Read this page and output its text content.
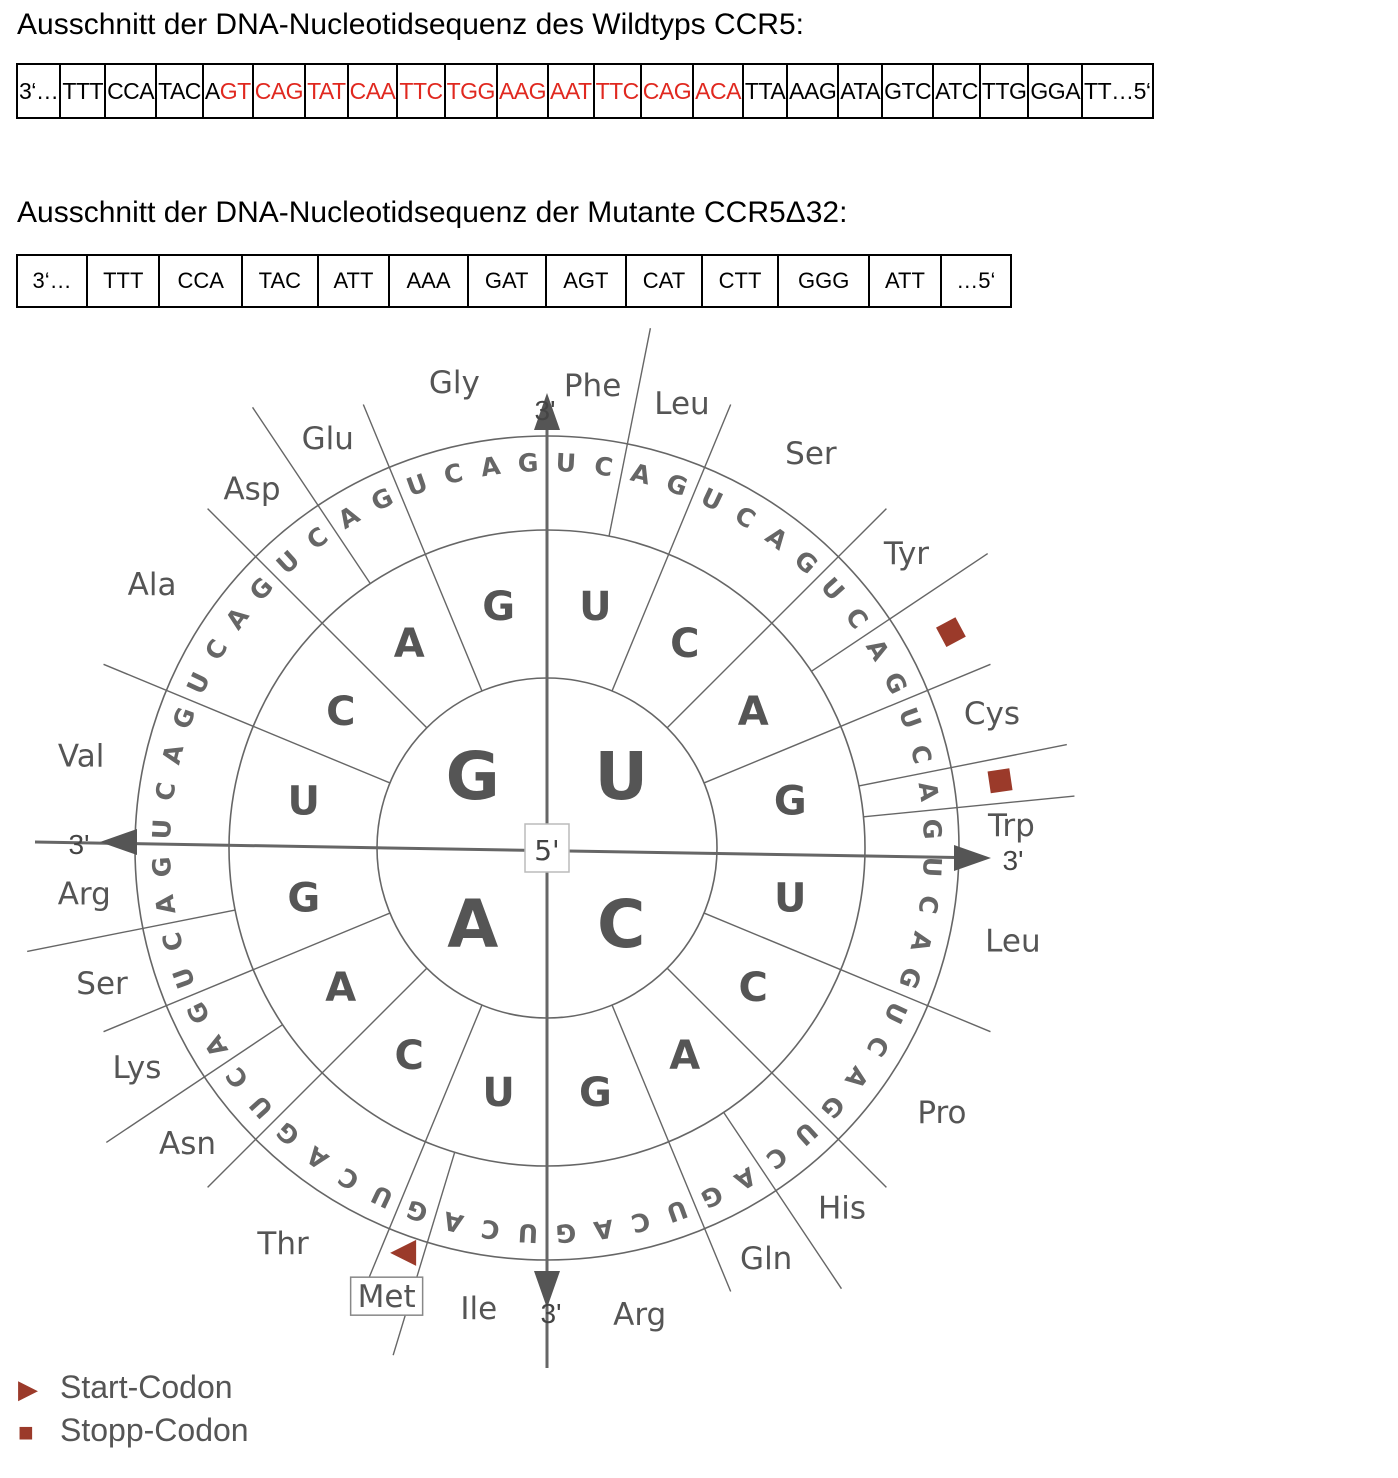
Ausschnitt der DNA-Nucleotidsequenz des Wildtyps CCR5:
3‘…	TTT	CCA	TAC	AGT	CAG	TAT	CAA	TTC	TGG	AAG	AAT	TTC	CAG	ACA	TTA	AAG	ATA	GTC	ATC	TTG	GGA	TT…5‘
Ausschnitt der DNA-Nucleotidsequenz der Mutante CCR5Δ32:
3‘…	TTT	CCA	TAC	ATT	AAA	GAT	AGT	CAT	CTT	GGG	ATT	…5‘
5'
3'
3'
3'
3'
U
C
A
G
U
C
A
G
U
C
A
G
U
C
A
G
U
C
A
G
U C A G U
C
A
G
U
C
A
G
U
C
A
G
U
C
A
G
U
C
A
G
U
C
A
G
U
C
A
G
U
C
A
G
U
C
A
G
U
C
A
G
U
C
A
G
U
C
A
G
U
C
A
G
U
C
A
G U C A G
Phe Leu
Ser
Tyr
Cys
Trp
Leu
Pro
His
Gln
Arg
Ile
Met
Thr
Asn
Lys
Ser
Arg
Val
Ala
Asp
Glu
Gly
▶ Start-Codon
■ Stopp-Codon
